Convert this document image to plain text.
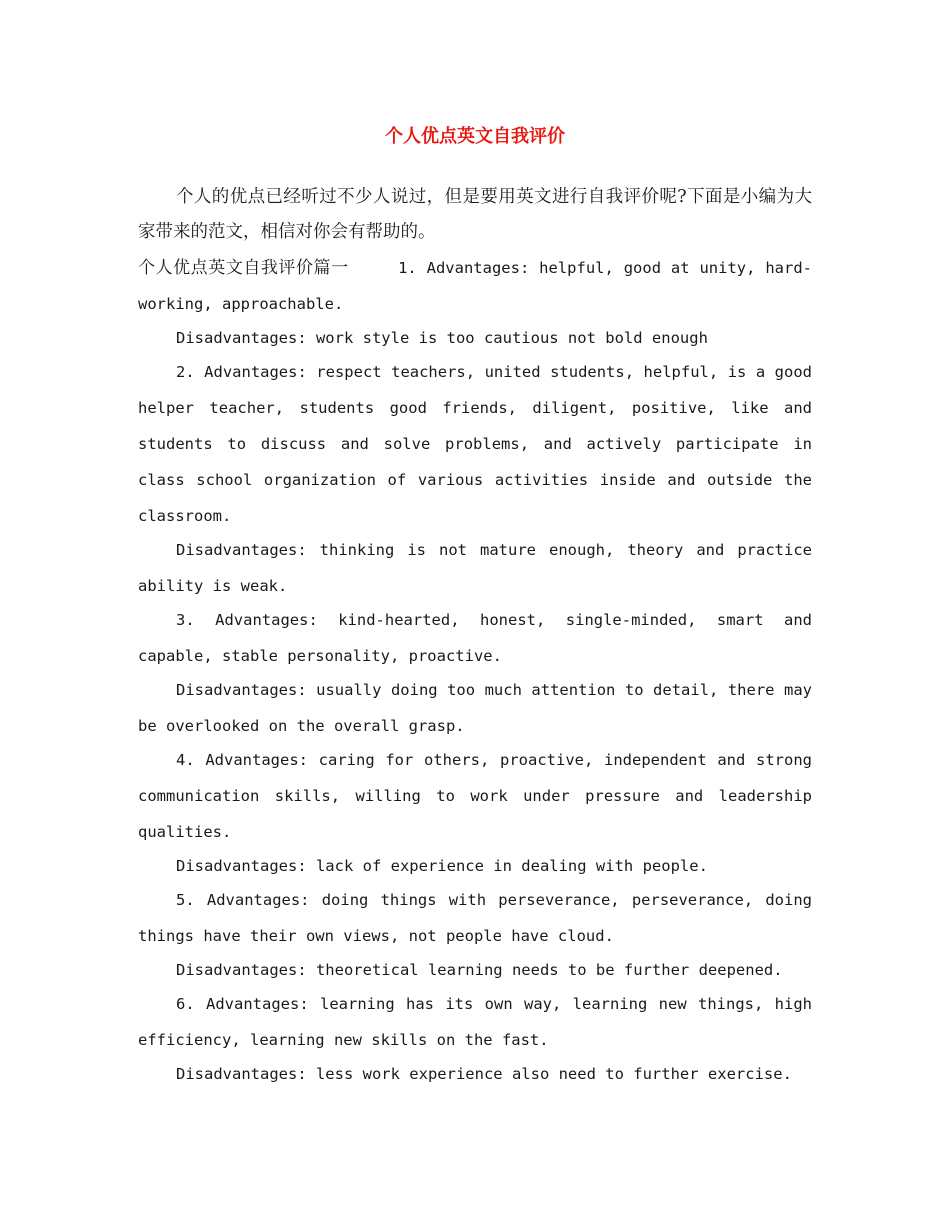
个人优点英文自我评价

个人的优点已经听过不少人说过，但是要用英文进行自我评价呢?下面是小编为大家带来的范文，相信对你会有帮助的。

个人优点英文自我评价篇一	1. Advantages: helpful, good at unity, hard-working, approachable.

Disadvantages: work style is too cautious not bold enough

2. Advantages: respect teachers, united students, helpful, is a good helper teacher, students good friends, diligent, positive, like and students to discuss and solve problems, and actively participate in class school organization of various activities inside and outside the classroom.

Disadvantages: thinking is not mature enough, theory and practice ability is weak.

3. Advantages: kind-hearted, honest, single-minded, smart and capable, stable personality, proactive.

Disadvantages: usually doing too much attention to detail, there may be overlooked on the overall grasp.

4. Advantages: caring for others, proactive, independent and strong communication skills, willing to work under pressure and leadership qualities.

Disadvantages: lack of experience in dealing with people.

5. Advantages: doing things with perseverance, perseverance, doing things have their own views, not people have cloud.

Disadvantages: theoretical learning needs to be further deepened.

6. Advantages: learning has its own way, learning new things, high efficiency, learning new skills on the fast.

Disadvantages: less work experience also need to further exercise.
